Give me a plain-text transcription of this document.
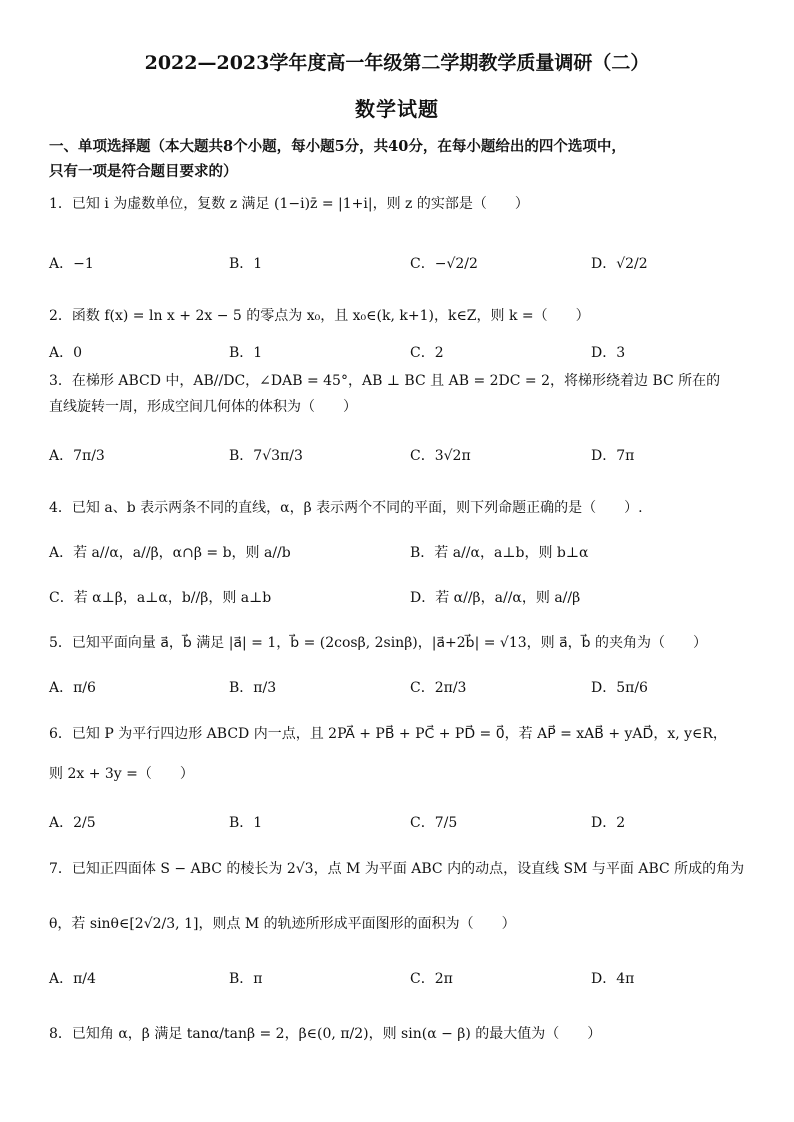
2022—2023学年度高一年级第二学期教学质量调研（二）
数学试题
一、单项选择题（本大题共8个小题，每小题5分，共40分，在每小题给出的四个选项中，
只有一项是符合题目要求的）
1．已知 i 为虚数单位，复数 z 满足 (1−i)z̄ = |1+i|，则 z 的实部是（　　）
A．−1	B．1	C．−√2/2	D．√2/2
2．函数 f(x) = ln x + 2x − 5 的零点为 x₀，且 x₀∈(k, k+1)，k∈Z，则 k =（　　）
A．0	B．1	C．2	D．3
3．在梯形 ABCD 中，AB//DC，∠DAB = 45°，AB ⊥ BC 且 AB = 2DC = 2，将梯形绕着边 BC 所在的
直线旋转一周，形成空间几何体的体积为（　　）
A．7π/3	B．7√3π/3	C．3√2π	D．7π
4．已知 a、b 表示两条不同的直线，α，β 表示两个不同的平面，则下列命题正确的是（　　）.
A．若 a//α，a//β，α∩β = b，则 a//b	B．若 a//α，a⊥b，则 b⊥α
C．若 α⊥β，a⊥α，b//β，则 a⊥b	D．若 α//β，a//α，则 a//β
5．已知平面向量 a⃗，b⃗ 满足 |a⃗| = 1，b⃗ = (2cosβ, 2sinβ)，|a⃗+2b⃗| = √13，则 a⃗，b⃗ 的夹角为（　　）
A．π/6	B．π/3	C．2π/3	D．5π/6
6．已知 P 为平行四边形 ABCD 内一点，且 2PA⃗ + PB⃗ + PC⃗ + PD⃗ = 0⃗，若 AP⃗ = xAB⃗ + yAD⃗，x, y∈R，
则 2x + 3y =（　　）
A．2/5	B．1	C．7/5	D．2
7．已知正四面体 S − ABC 的棱长为 2√3，点 M 为平面 ABC 内的动点，设直线 SM 与平面 ABC 所成的角为
θ，若 sinθ∈[2√2/3, 1]，则点 M 的轨迹所形成平面图形的面积为（　　）
A．π/4	B．π	C．2π	D．4π
8．已知角 α，β 满足 tanα/tanβ = 2，β∈(0, π/2)，则 sin(α − β) 的最大值为（　　）
